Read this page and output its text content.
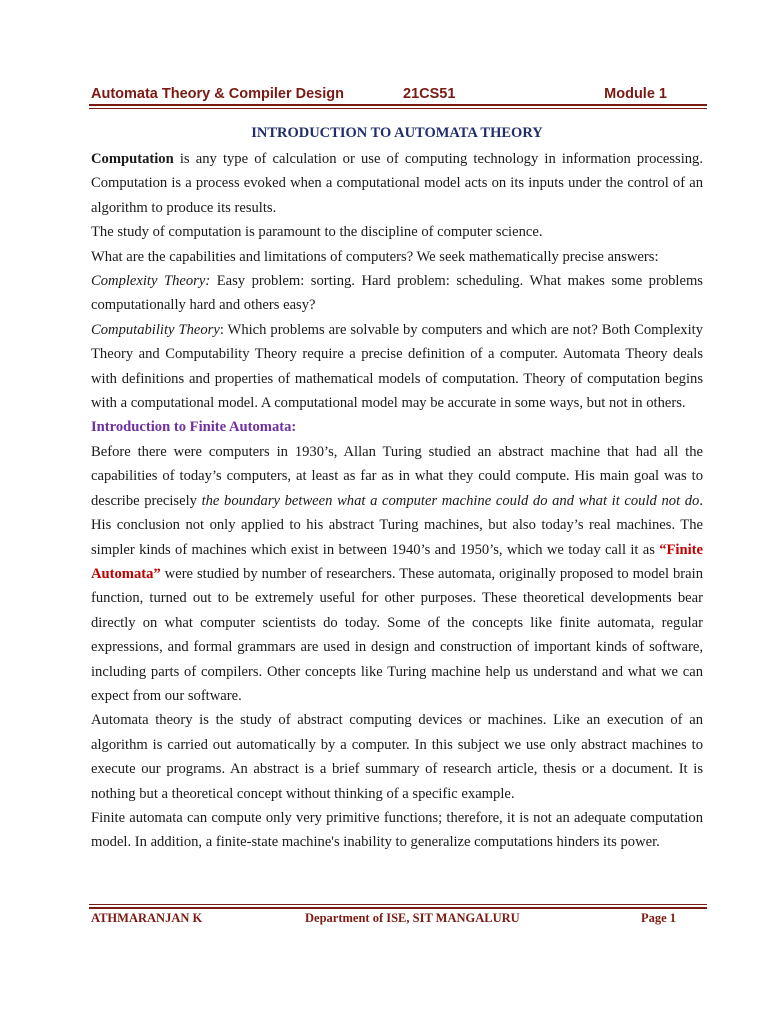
Automata Theory & Compiler Design	21CS51	Module 1
INTRODUCTION TO AUTOMATA THEORY

Computation is any type of calculation or use of computing technology in information processing. Computation is a process evoked when a computational model acts on its inputs under the control of an algorithm to produce its results.

The study of computation is paramount to the discipline of computer science.

What are the capabilities and limitations of computers? We seek mathematically precise answers:

Complexity Theory: Easy problem: sorting. Hard problem: scheduling. What makes some problems computationally hard and others easy?

Computability Theory: Which problems are solvable by computers and which are not? Both Complexity Theory and Computability Theory require a precise definition of a computer. Automata Theory deals with definitions and properties of mathematical models of computation. Theory of computation begins with a computational model. A computational model may be accurate in some ways, but not in others.

Introduction to Finite Automata:

Before there were computers in 1930’s, Allan Turing studied an abstract machine that had all the capabilities of today’s computers, at least as far as in what they could compute. His main goal was to describe precisely the boundary between what a computer machine could do and what it could not do. His conclusion not only applied to his abstract Turing machines, but also today’s real machines. The simpler kinds of machines which exist in between 1940’s and 1950’s, which we today call it as “Finite Automata” were studied by number of researchers. These automata, originally proposed to model brain function, turned out to be extremely useful for other purposes. These theoretical developments bear directly on what computer scientists do today. Some of the concepts like finite automata, regular expressions, and formal grammars are used in design and construction of important kinds of software, including parts of compilers. Other concepts like Turing machine help us understand and what we can expect from our software.

Automata theory is the study of abstract computing devices or machines. Like an execution of an algorithm is carried out automatically by a computer. In this subject we use only abstract machines to execute our programs. An abstract is a brief summary of research article, thesis or a document. It is nothing but a theoretical concept without thinking of a specific example.

Finite automata can compute only very primitive functions; therefore, it is not an adequate computation model. In addition, a finite-state machine's inability to generalize computations hinders its power.

ATHMARANJAN K	Department of ISE, SIT MANGALURU	Page 1
